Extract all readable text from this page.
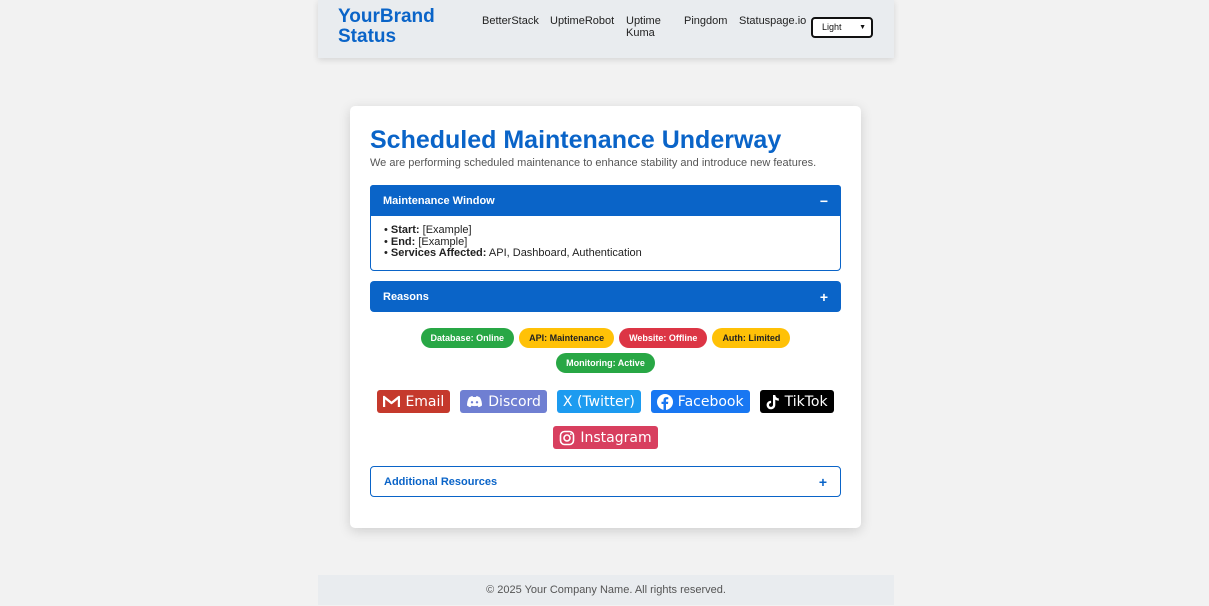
YourBrand Status
BetterStack UptimeRobot Uptime Kuma
Pingdom Statuspage.io	Light	▼
Scheduled Maintenance Underway
We are performing scheduled maintenance to enhance stability and introduce new features.
Maintenance Window	−
• Start: [Example]
• End: [Example]
• Services Affected: API, Dashboard, Authentication
Reasons	+
Database: Online	API: Maintenance	Website: Offline	Auth: Limited
Monitoring: Active
Email	Discord X (Twitter)	Facebook	TikTok
Instagram
Additional Resources	+
© 2025 Your Company Name. All rights reserved.
